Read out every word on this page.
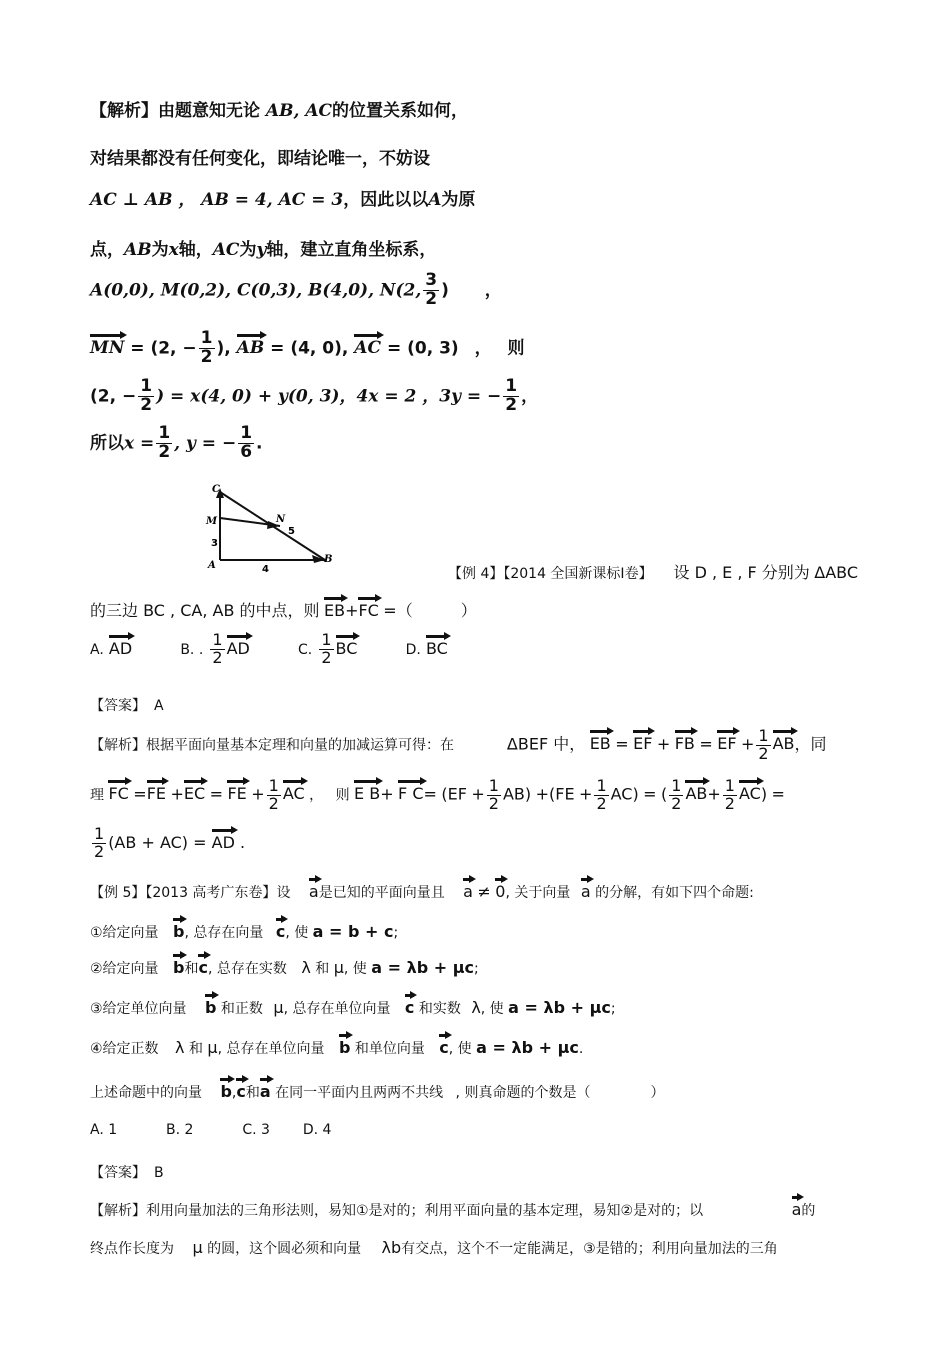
【解析】由题意知无论 AB, AC的位置关系如何，
对结果都没有任何变化，即结论唯一，不妨设
AC ⊥ AB ， AB = 4, AC = 3，因此以以A为原
点，AB为x轴，AC为y轴，建立直角坐标系，
A(0,0), M(0,2), C(0,3), B(4,0), N(2, $\frac{3}{2}$ ) ，
MN = (2, − $\frac{1}{2}$ ), AB = (4, 0), AC = (0, 3) ， 则
(2, − $\frac{1}{2}$ ) = x(4, 0) + y(0, 3)，4x = 2 ，3y = − $\frac{1}{2}$ ，
所以$x = \frac{1}{2}$ , y = − $\frac{1}{6}$ .
C
M	N
A
B
3
4
5
【例 4】【2014 全国新课标Ⅰ卷】 设 D , E , F 分别为 ΔABC
的三边 BC , CA, AB 的中点，则 EB+FC =（	）
A. AD	B. . $\frac{1}{2}$ AD	C. $\frac{1}{2}$ BC	D. BC
【答案】 A
【解析】根据平面向量基本定理和向量的加减运算可得：在	ΔBEF 中， EB = EF + FB = EF + $\frac{1}{2}$ AB，同
理 FC =FE +EC = FE + $\frac{1}{2}$ AC ， 则 E B+ F $C= (EF + \frac{1}{2} AB) +(FE + \frac{1}{2} AC)$ = ( $\frac{1}{2} AB+ \frac{1}{2} AC$) =
$\frac{1}{2} (AB + AC)$ = AD .
【例 5】【2013 高考广东卷】设 a是已知的平面向量且 a ≠ 0, 关于向量 a 的分解，有如下四个命题:
①给定向量 b, 总存在向量 c, 使 a = b + c;
②给定向量 b和c, 总存在实数 λ 和 μ, 使 a = λb + μc;
③给定单位向量 b 和正数 μ, 总存在单位向量 c 和实数 λ, 使 a = λb + μc;
④给定正数 λ 和 μ, 总存在单位向量 b 和单位向量 c, 使 a = λb + μc.
上述命题中的向量 b,c和a 在同一平面内且两两不共线 , 则真命题的个数是（	）
A. 1	B. 2	C. 3 D. 4
【答案】 B
【解析】利用向量加法的三角形法则，易知①是对的；利用平面向量的基本定理，易知②是对的；以	a的
终点作长度为 μ 的圆，这个圆必须和向量 λb有交点，这个不一定能满足，③是错的；利用向量加法的三角
